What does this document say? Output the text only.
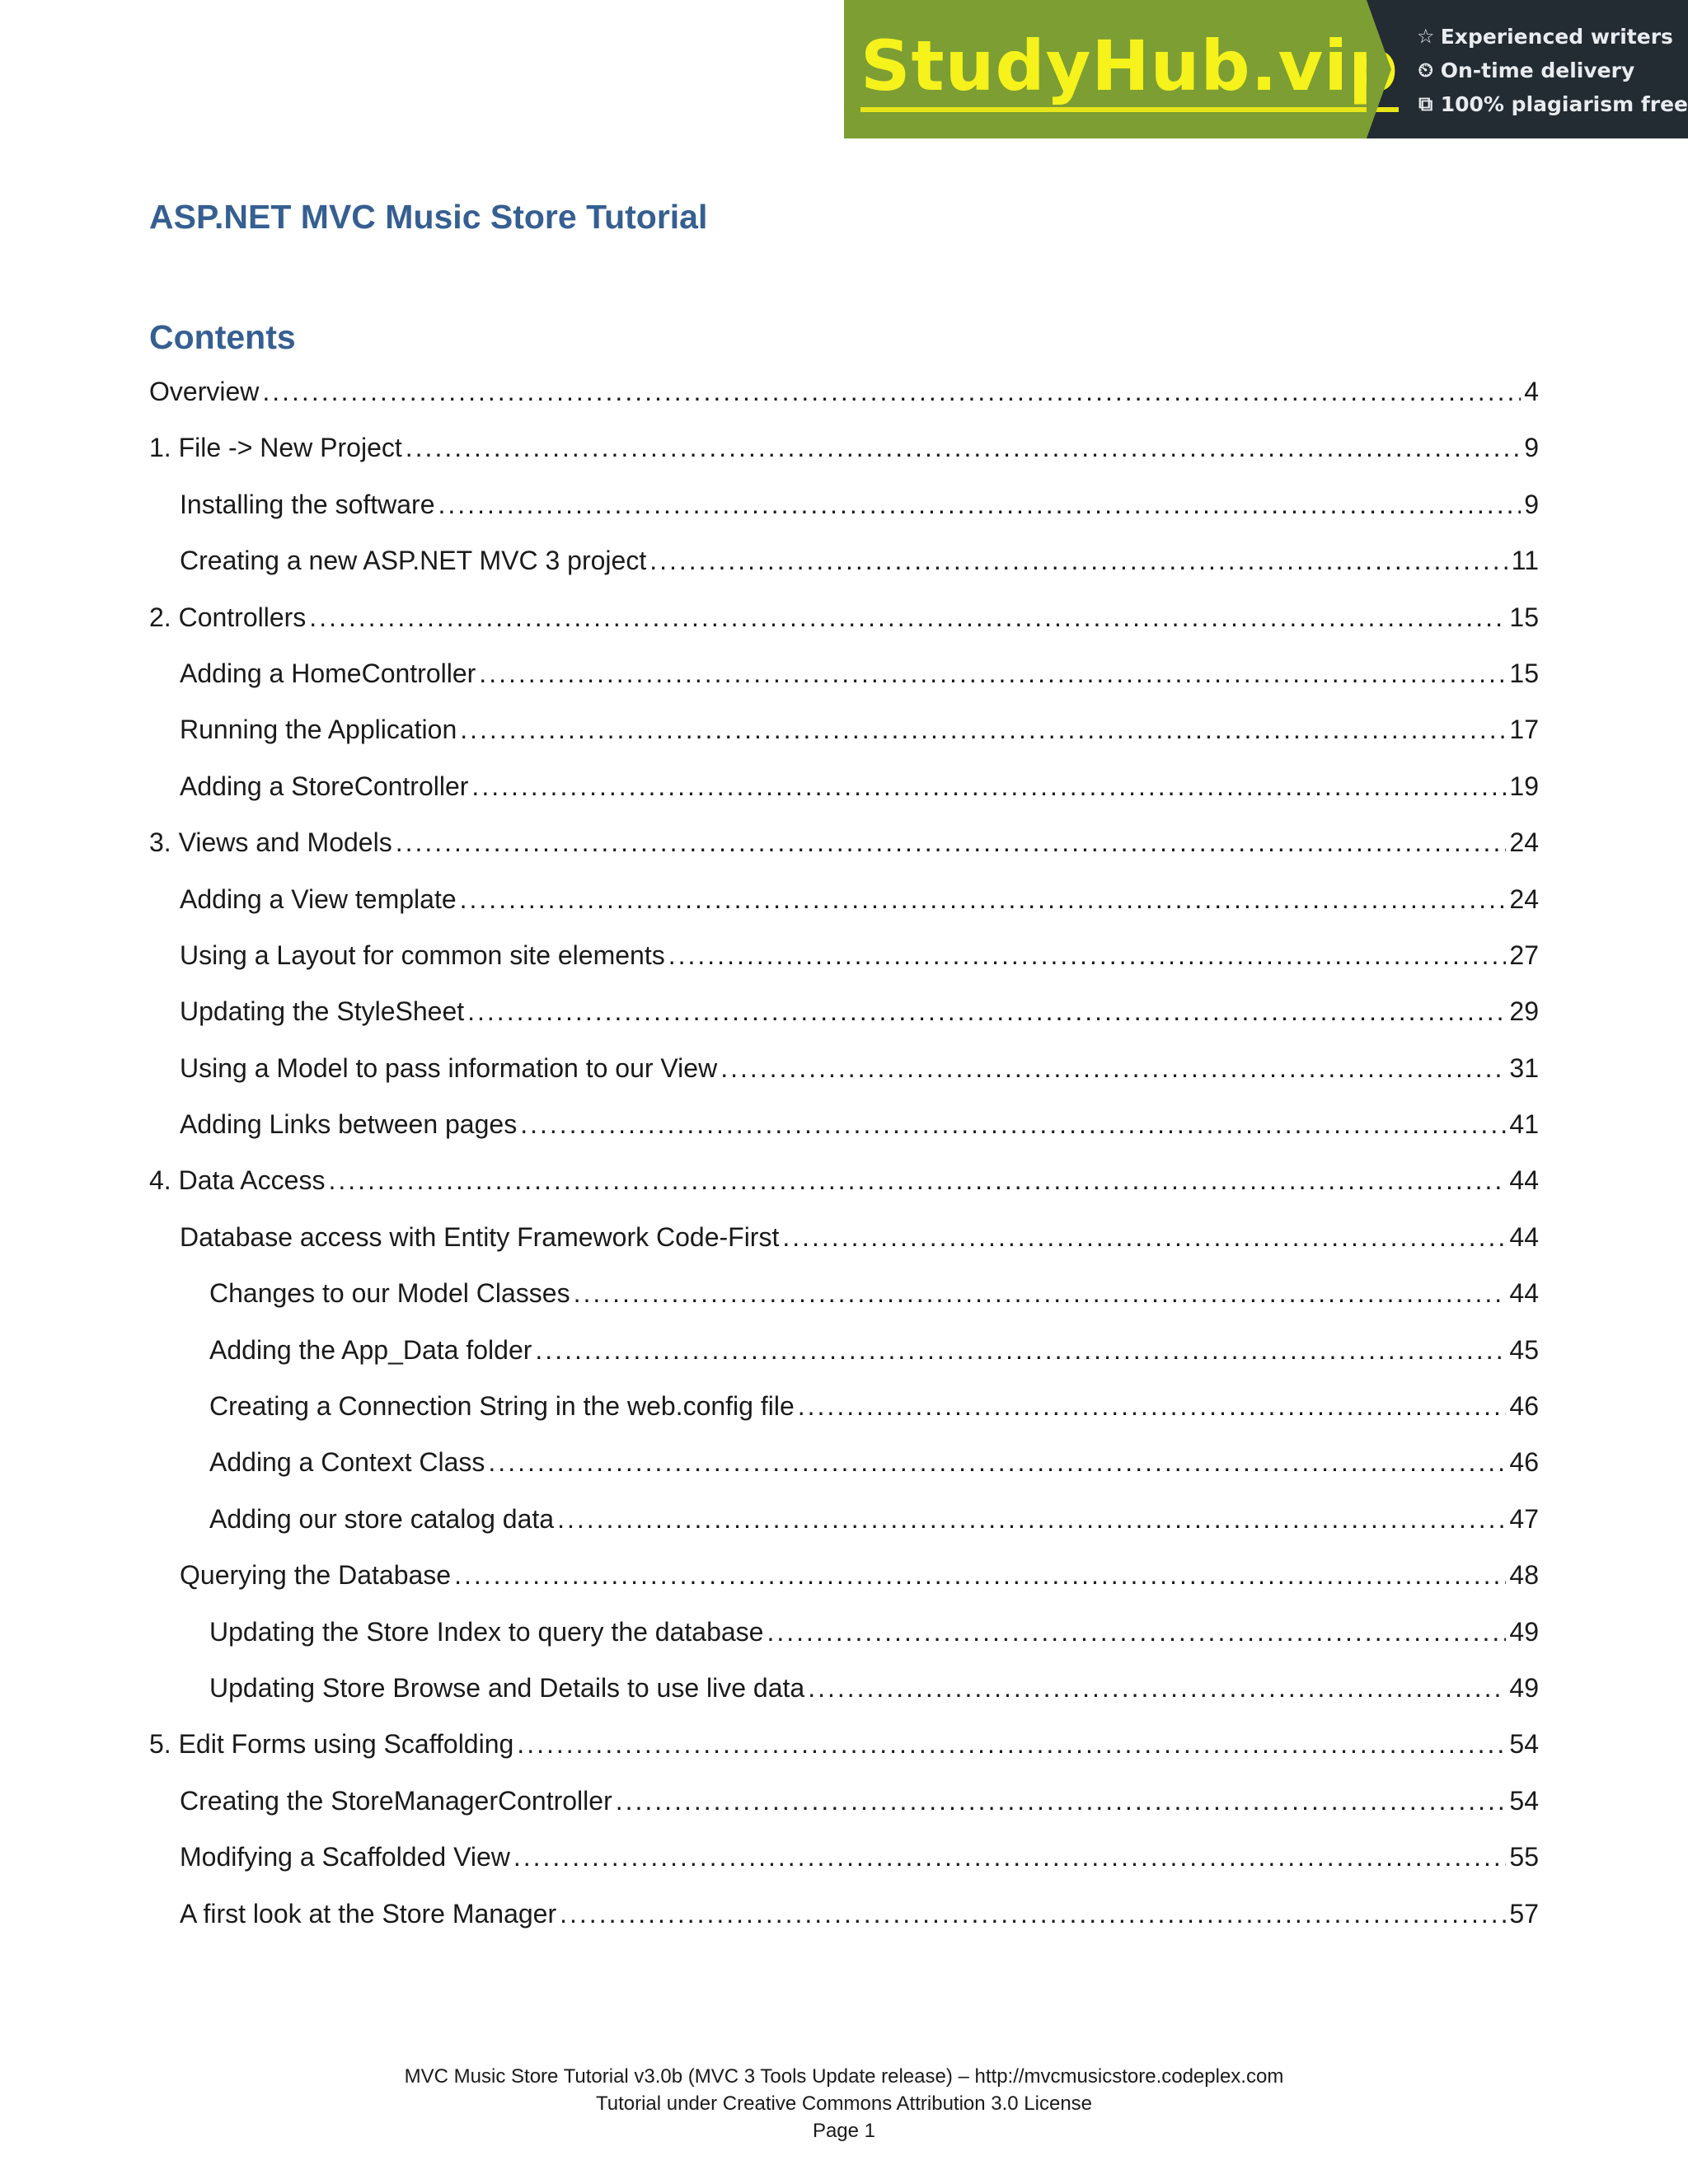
StudyHub.vip ☆ Experienced writers
⏲ On-time delivery
⧉ 100% plagiarism free
ASP.NET MVC Music Store Tutorial
Contents
Overview .....	4
1. File -> New Project .....	9
Installing the software .....	9
Creating a new ASP.NET MVC 3 project .....	11
2. Controllers .....	15
Adding a HomeController .....	15
Running the Application .....	17
Adding a StoreController .....	19
3. Views and Models .....	24
Adding a View template .....	24
Using a Layout for common site elements .....	27
Updating the StyleSheet .....	29
Using a Model to pass information to our View .....	31
Adding Links between pages .....	41
4. Data Access .....	44
Database access with Entity Framework Code-First .....	44
Changes to our Model Classes .....	44
Adding the App_Data folder .....	45
Creating a Connection String in the web.config file .....	46
Adding a Context Class .....	46
Adding our store catalog data .....	47
Querying the Database .....	48
Updating the Store Index to query the database .....	49
Updating Store Browse and Details to use live data .....	49
5. Edit Forms using Scaffolding .....	54
Creating the StoreManagerController .....	54
Modifying a Scaffolded View .....	55
A first look at the Store Manager .....	57
MVC Music Store Tutorial v3.0b (MVC 3 Tools Update release) – http://mvcmusicstore.codeplex.com
Tutorial under Creative Commons Attribution 3.0 License
Page 1
